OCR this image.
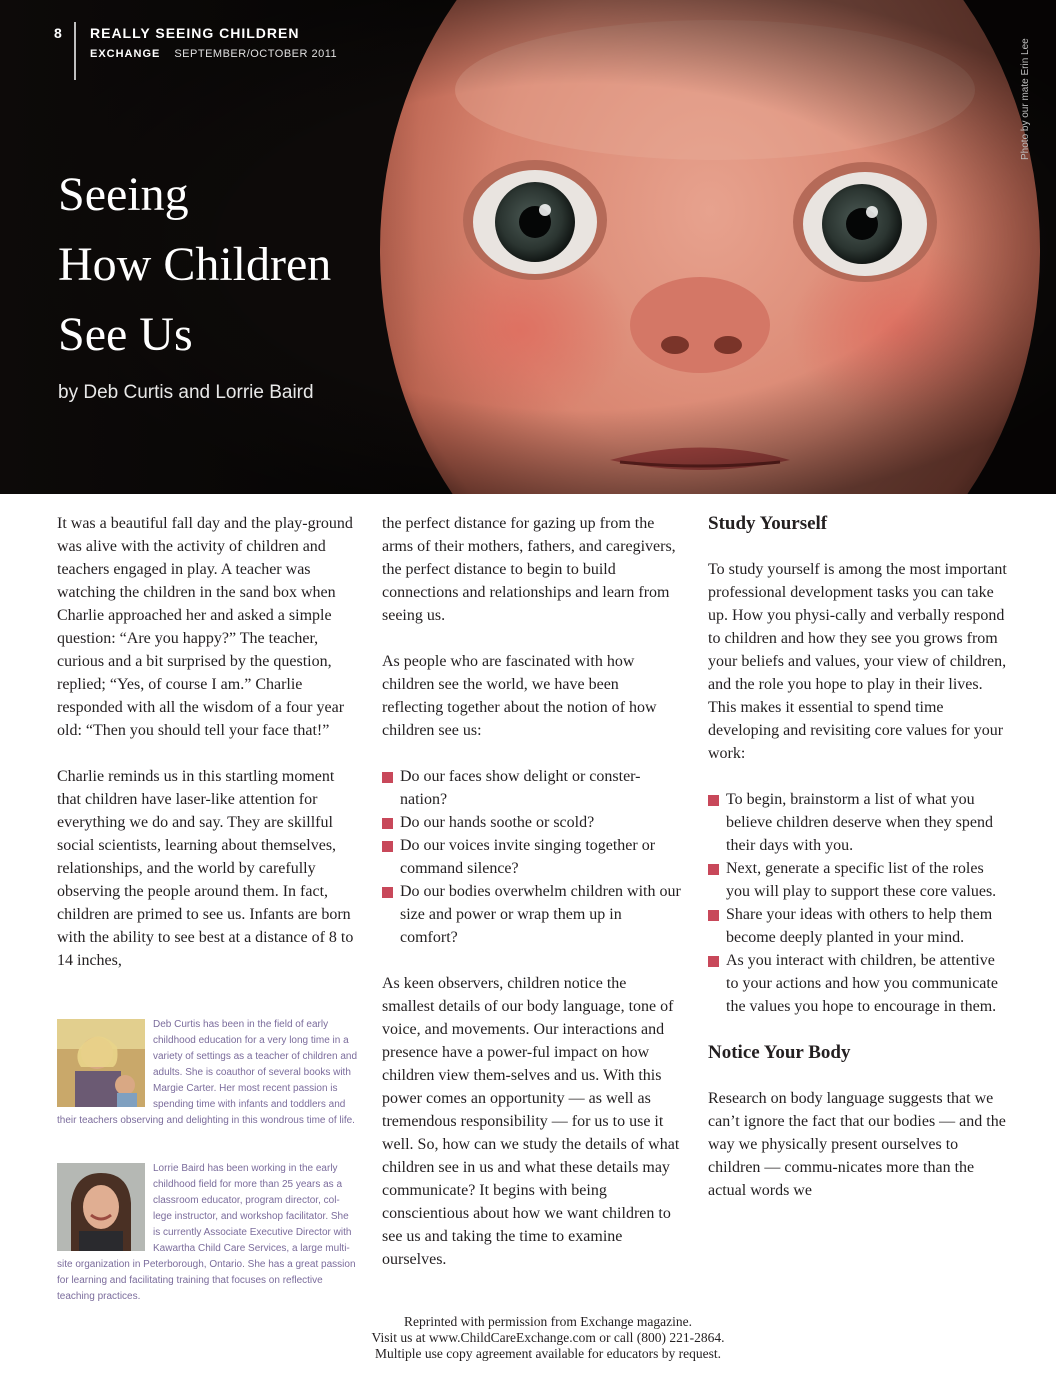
8 REALLY SEEING CHILDREN
EXCHANGE SEPTEMBER/OCTOBER 2011	Photo by our mate Erin Lee
Seeing
How Children
See Us
by Deb Curtis and Lorrie Baird

It was a beautiful fall day and the play-ground was alive with the activity of children and teachers engaged in play. A teacher was watching the children in the sand box when Charlie approached her and asked a simple question: “Are you happy?” The teacher, curious and a bit surprised by the question, replied; “Yes, of course I am.” Charlie responded with all the wisdom of a four year old: “Then you should tell your face that!”

Charlie reminds us in this startling moment that children have laser-like attention for everything we do and say. They are skillful social scientists, learning about themselves, relationships, and the world by carefully observing the people around them. In fact, children are primed to see us. Infants are born with the ability to see best at a distance of 8 to 14 inches,

Deb Curtis has been in the field of early childhood education for a very long time in a variety of settings as a teacher of children and adults. She is coauthor of several books with Margie Carter. Her most recent passion is spending time with infants and toddlers and their teachers observing and delighting in this wondrous time of life.
Lorrie Baird has been working in the early childhood field for more than 25 years as a classroom educator, program director, col-lege instructor, and workshop facilitator. She is currently Associate Executive Director with Kawartha Child Care Services, a large multi-site organization in Peterborough, Ontario. She has a great passion for learning and facilitating training that focuses on reflective teaching practices.

the perfect distance for gazing up from the arms of their mothers, fathers, and caregivers, the perfect distance to begin to build connections and relationships and learn from seeing us.

As people who are fascinated with how children see the world, we have been reflecting together about the notion of how children see us:

Do our faces show delight or conster-nation?
Do our hands soothe or scold?
Do our voices invite singing together or command silence?
Do our bodies overwhelm children with our size and power or wrap them up in comfort?

As keen observers, children notice the smallest details of our body language, tone of voice, and movements. Our interactions and presence have a power-ful impact on how children view them-selves and us. With this power comes an opportunity — as well as tremendous responsibility — for us to use it well. So, how can we study the details of what children see in us and what these details may communicate? It begins with being conscientious about how we want children to see us and taking the time to examine ourselves.

Study Yourself

To study yourself is among the most important professional development tasks you can take up. How you physi-cally and verbally respond to children and how they see you grows from your beliefs and values, your view of children, and the role you hope to play in their lives. This makes it essential to spend time developing and revisiting core values for your work:

To begin, brainstorm a list of what you believe children deserve when they spend their days with you.
Next, generate a specific list of the roles you will play to support these core values.
Share your ideas with others to help them become deeply planted in your mind.
As you interact with children, be attentive to your actions and how you communicate the values you hope to encourage in them.
Notice Your Body

Research on body language suggests that we can’t ignore the fact that our bodies — and the way we physically present ourselves to children — commu-nicates more than the actual words we

Reprinted with permission from Exchange magazine.
Visit us at www.ChildCareExchange.com or call (800) 221-2864.
Multiple use copy agreement available for educators by request.
